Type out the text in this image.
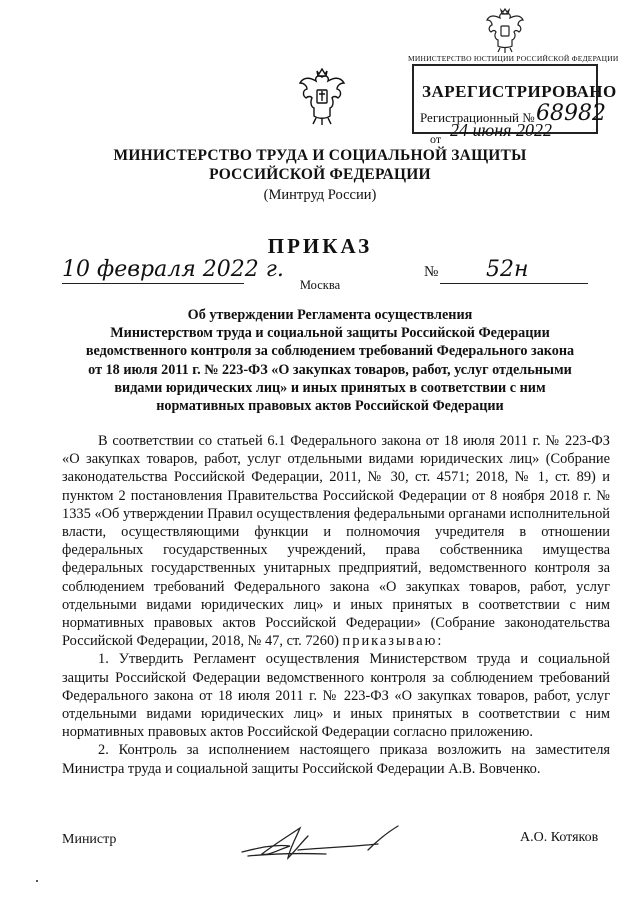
МИНИСТЕРСТВО ЮСТИЦИИ РОССИЙСКОЙ ФЕДЕРАЦИИ
ЗАРЕГИСТРИРОВАНО
Регистрационный № 68982
от 24 июня 2022
МИНИСТЕРСТВО ТРУДА И СОЦИАЛЬНОЙ ЗАЩИТЫ
РОССИЙСКОЙ ФЕДЕРАЦИИ
(Минтруд России)
ПРИКАЗ
10 февраля 2022 г.	№ 52н
Москва
Об утверждении Регламента осуществления
Министерством труда и социальной защиты Российской Федерации
ведомственного контроля за соблюдением требований Федерального закона
от 18 июля 2011 г. № 223-ФЗ «О закупках товаров, работ, услуг отдельными
видами юридических лиц» и иных принятых в соответствии с ним
нормативных правовых актов Российской Федерации

В соответствии со статьей 6.1 Федерального закона от 18 июля 2011 г. № 223-ФЗ «О закупках товаров, работ, услуг отдельными видами юридических лиц» (Собрание законодательства Российской Федерации, 2011, № 30, ст. 4571; 2018, № 1, ст. 89) и пунктом 2 постановления Правительства Российской Федерации от 8 ноября 2018 г. № 1335 «Об утверждении Правил осуществления федеральными органами исполнительной власти, осуществляющими функции и полномочия учредителя в отношении федеральных государственных учреждений, права собственника имущества федеральных государственных унитарных предприятий, ведомственного контроля за соблюдением требований Федерального закона «О закупках товаров, работ, услуг отдельными видами юридических лиц» и иных принятых в соответствии с ним нормативных правовых актов Российской Федерации» (Собрание законодательства Российской Федерации, 2018, № 47, ст. 7260) приказываю:

1. Утвердить Регламент осуществления Министерством труда и социальной защиты Российской Федерации ведомственного контроля за соблюдением требований Федерального закона от 18 июля 2011 г. № 223-ФЗ «О закупках товаров, работ, услуг отдельными видами юридических лиц» и иных принятых в соответствии с ним нормативных правовых актов Российской Федерации согласно приложению.

2. Контроль за исполнением настоящего приказа возложить на заместителя Министра труда и социальной защиты Российской Федерации А.В. Вовченко.

Министр	А.О. Котяков
